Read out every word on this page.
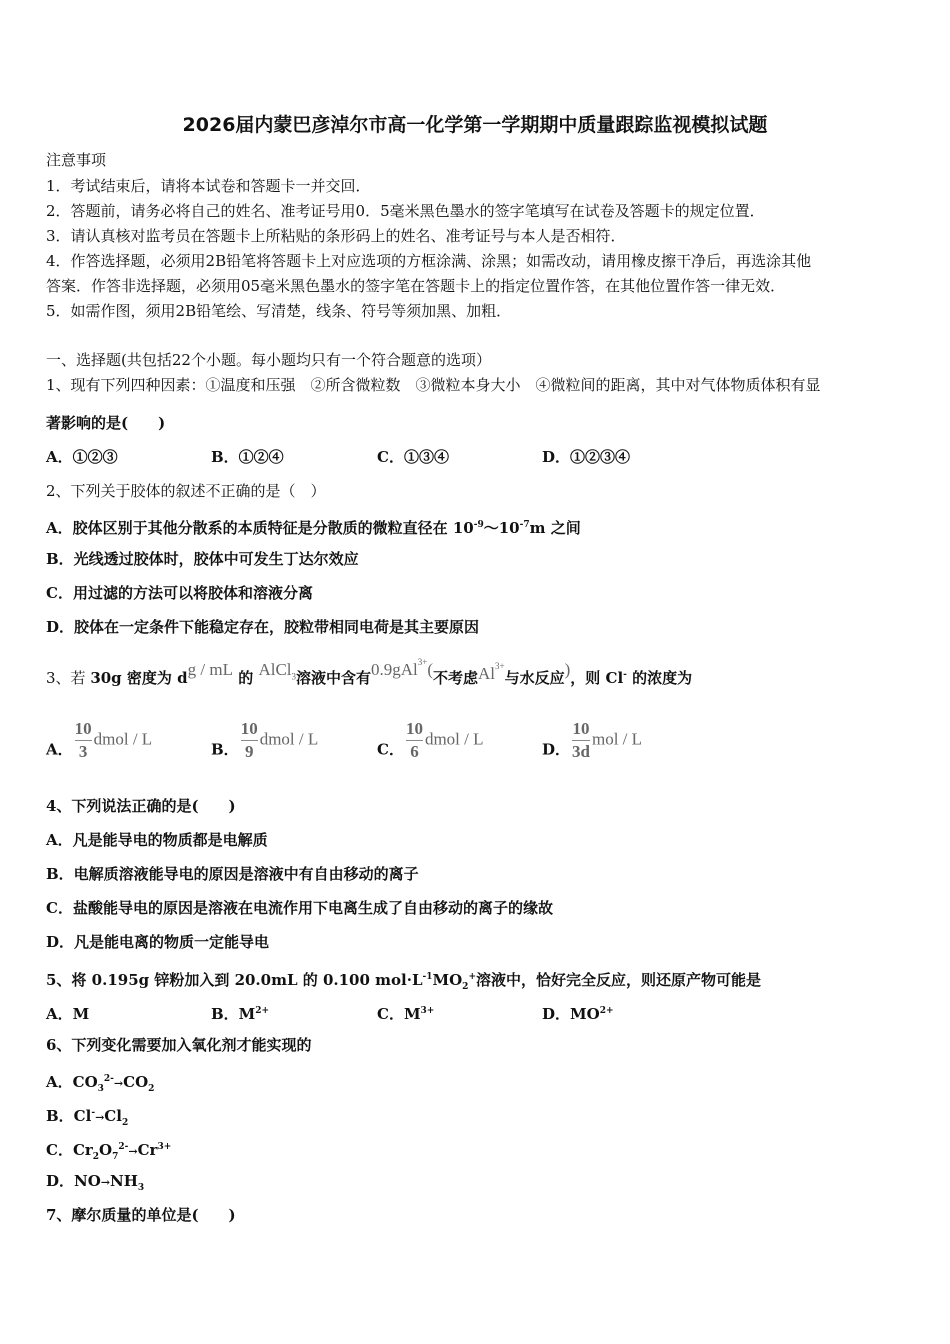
2026届内蒙巴彦淖尔市高一化学第一学期期中质量跟踪监视模拟试题
注意事项
1．考试结束后，请将本试卷和答题卡一并交回．
2．答题前，请务必将自己的姓名、准考证号用0．5毫米黑色墨水的签字笔填写在试卷及答题卡的规定位置．
3．请认真核对监考员在答题卡上所粘贴的条形码上的姓名、准考证号与本人是否相符．
4．作答选择题，必须用2B铅笔将答题卡上对应选项的方框涂满、涂黑；如需改动，请用橡皮擦干净后，再选涂其他
答案．作答非选择题，必须用05毫米黑色墨水的签字笔在答题卡上的指定位置作答，在其他位置作答一律无效．
5．如需作图，须用2B铅笔绘、写清楚，线条、符号等须加黑、加粗．
一、选择题(共包括22个小题。每小题均只有一个符合题意的选项）
1、现有下列四种因素：①温度和压强　②所含微粒数　③微粒本身大小　④微粒间的距离，其中对气体物质体积有显
著影响的是(　　)
A．①②③	B．①②④	C．①③④	D．①②③④
2、下列关于胶体的叙述不正确的是（　）
A．胶体区别于其他分散系的本质特征是分散质的微粒直径在 $10^{-9}\sim 10^{-7}m$ 之间
B．光线透过胶体时，胶体中可发生丁达尔效应
C．用过滤的方法可以将胶体和溶液分离
D．胶体在一定条件下能稳定存在，胶粒带相同电荷是其主要原因
3、若 30g 密度为 dg / mL 的 AlCl$_3$溶液中含有0.9gAl$^{3+}$(不考虑$Al^{3+}$与水反应)，则 Cl- 的浓度为
A． $\frac{10}{3}$ dmol / L
B． $\frac{10}{9}$ dmol / L
C． $\frac{10}{6}$ dmol / L
D． $\frac{10}{3d}$ mol / L
4、下列说法正确的是(　　)
A．凡是能导电的物质都是电解质
B．电解质溶液能导电的原因是溶液中有自由移动的离子
C．盐酸能导电的原因是溶液在电流作用下电离生成了自由移动的离子的缘故
D．凡是能电离的物质一定能导电
5、将 0.195g 锌粉加入到 20.0mL 的 0.100 $mol\cdot L^{-1}MO_2^+$溶液中，恰好完全反应，则还原产物可能是
A．M	B．$M^{2+}$	C．$M^{3+}$	D．$MO^{2+}$
6、下列变化需要加入氧化剂才能实现的
A．$CO_3^{2-}\to CO_2$
B．$Cl^-\to Cl_2$
C．$Cr_2O_7^{2-}\to Cr^{3+}$
D．$NO\to NH_3$
7、摩尔质量的单位是(　　)
